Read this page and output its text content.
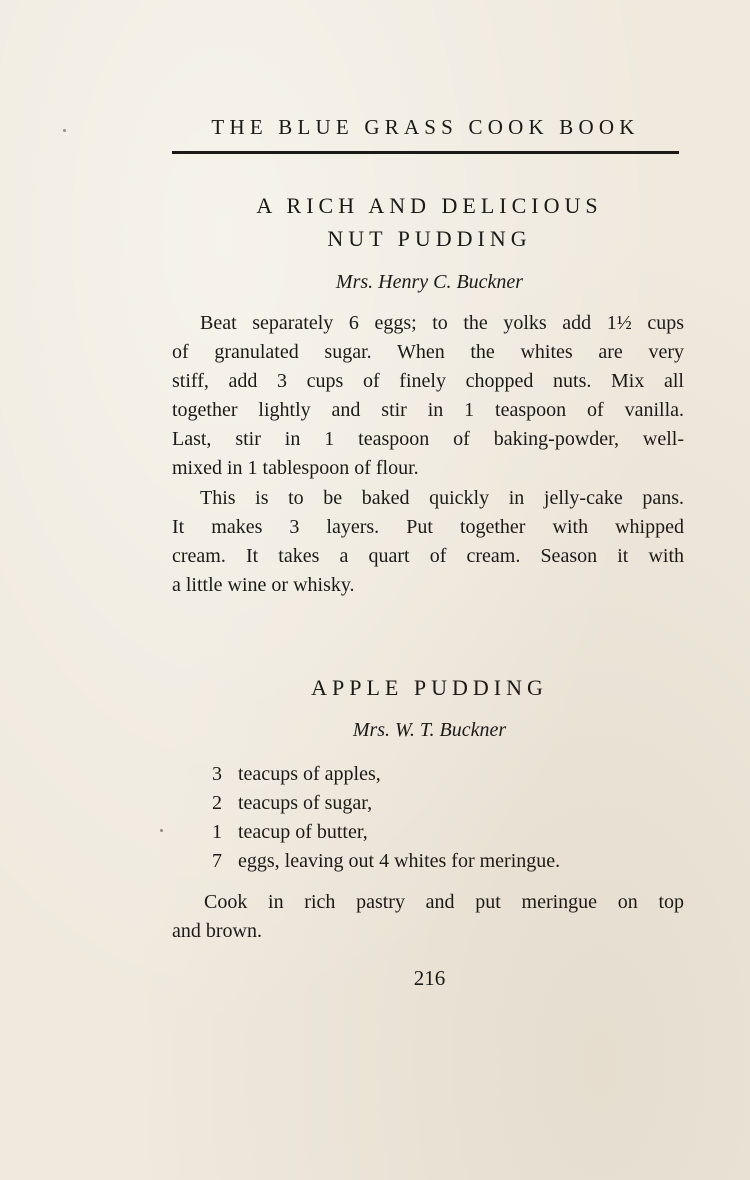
THE BLUE GRASS COOK BOOK
A RICH AND DELICIOUS
NUT PUDDING
Mrs. Henry C. Buckner

Beat separately 6 eggs; to the yolks add 1½ cups
of granulated sugar. When the whites are very
stiff, add 3 cups of finely chopped nuts. Mix all
together lightly and stir in 1 teaspoon of vanilla.
Last, stir in 1 teaspoon of baking-powder, well-
mixed in 1 tablespoon of flour.

This is to be baked quickly in jelly-cake pans.
It makes 3 layers. Put together with whipped
cream. It takes a quart of cream. Season it with
a little wine or whisky.

APPLE PUDDING
Mrs. W. T. Buckner
3 teacups of apples,
2 teacups of sugar,
1 teacup of butter,
7 eggs, leaving out 4 whites for meringue.

Cook in rich pastry and put meringue on top
and brown.

216
